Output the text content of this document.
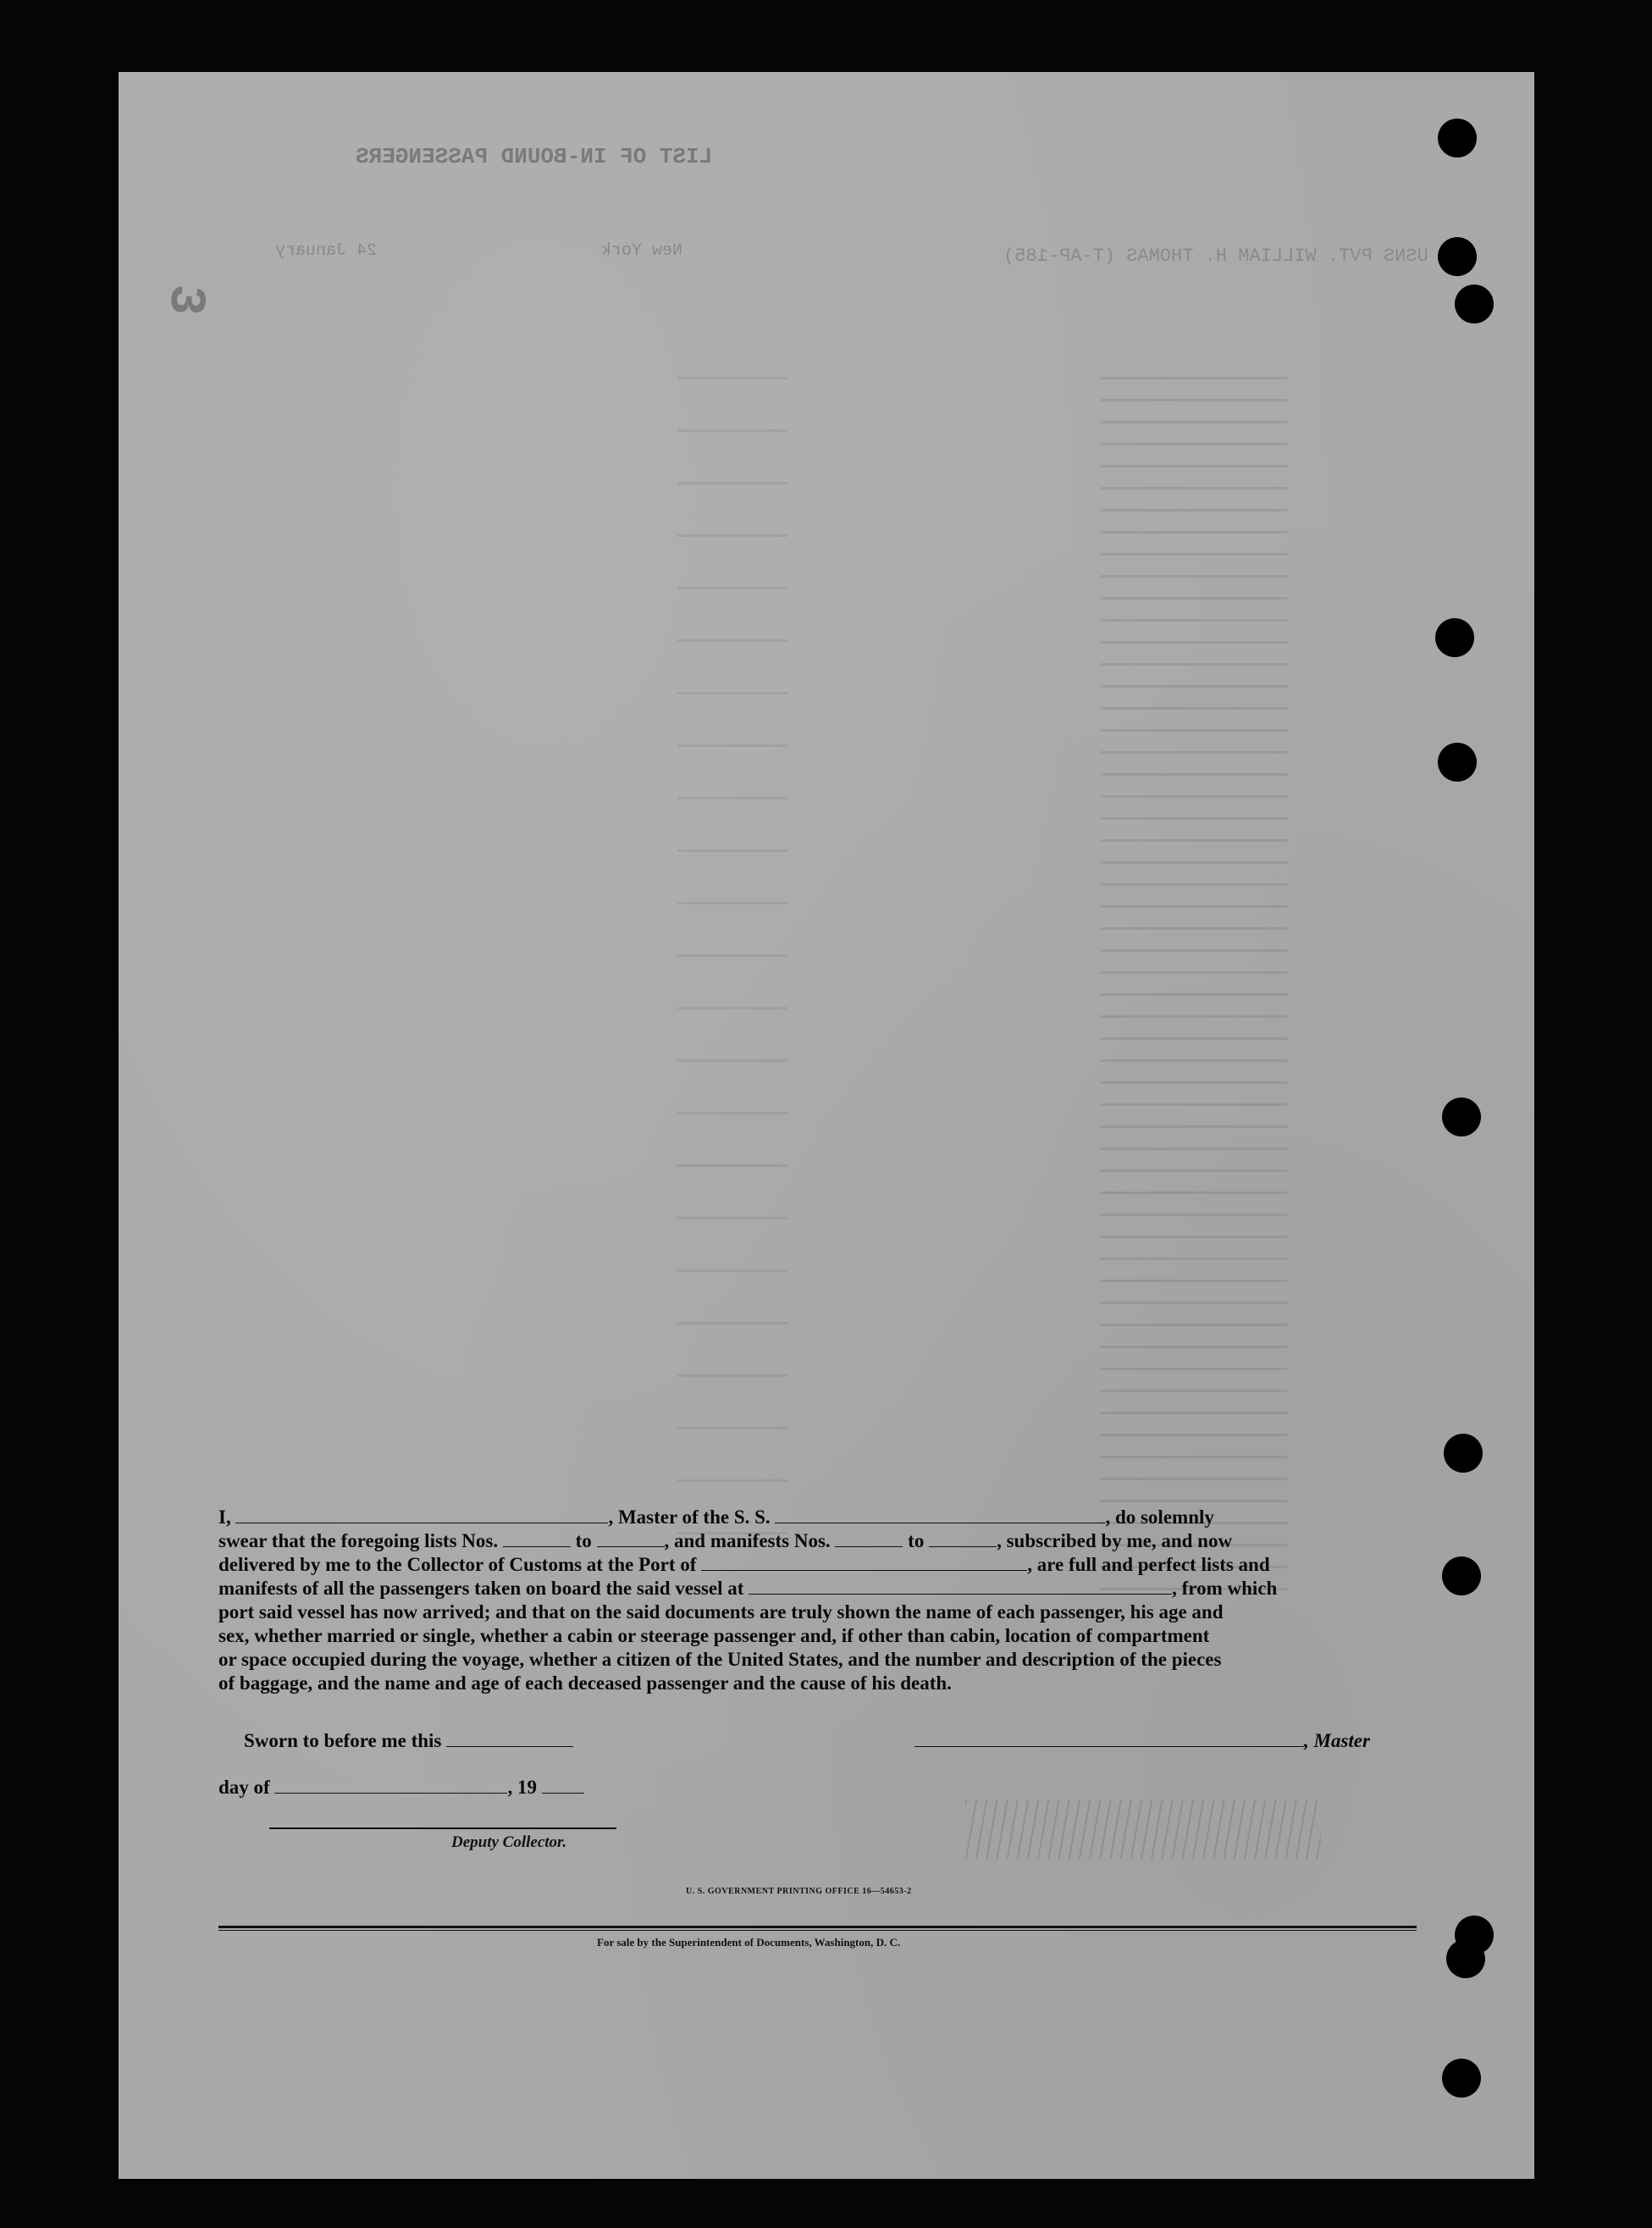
LIST OF IN-BOUND PASSENGERS
USNS PVT. WILLIAM H. THOMAS (T-AP-185)
New York
24 January
3
I,	, Master of the S. S.	, do solemnly
swear that the foregoing lists Nos.	to	, and manifests Nos.	to	, subscribed by me, and now
delivered by me to the Collector of Customs at the Port of	, are full and perfect lists and
manifests of all the passengers taken on board the said vessel at	, from which
port said vessel has now arrived; and that on the said documents are truly shown the name of each passenger, his age and
sex, whether married or single, whether a cabin or steerage passenger and, if other than cabin, location of compartment
or space occupied during the voyage, whether a citizen of the United States, and the number and description of the pieces
of baggage, and the name and age of each deceased passenger and the cause of his death.
Sworn to before me this	, Master
day of	, 19
Deputy Collector.
U. S. GOVERNMENT PRINTING OFFICE 16—54653-2
For sale by the Superintendent of Documents, Washington, D. C.
